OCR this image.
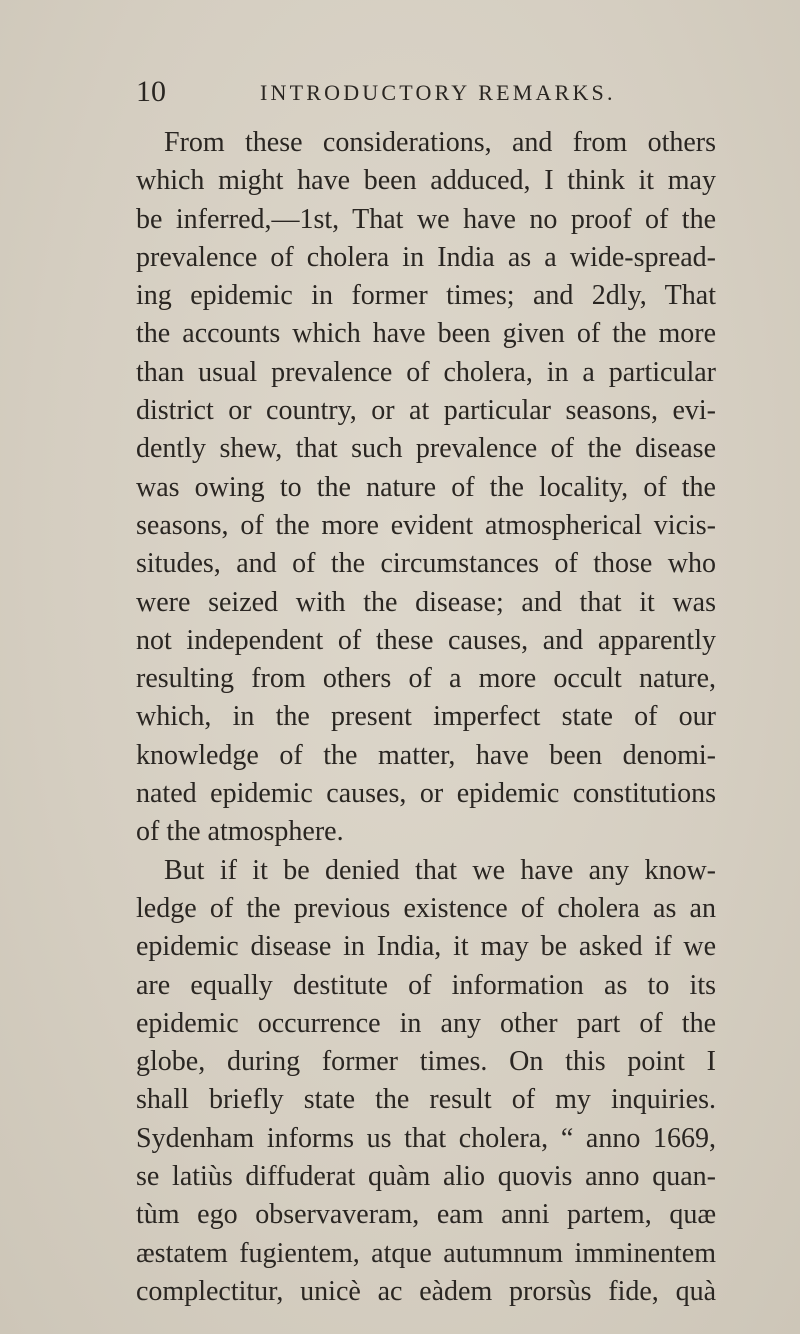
10	INTRODUCTORY REMARKS.
From these considerations, and from others
which might have been adduced, I think it may
be inferred,—1st, That we have no proof of the
prevalence of cholera in India as a wide-spread-
ing epidemic in former times; and 2dly, That
the accounts which have been given of the more
than usual prevalence of cholera, in a particular
district or country, or at particular seasons, evi-
dently shew, that such prevalence of the disease
was owing to the nature of the locality, of the
seasons, of the more evident atmospherical vicis-
situdes, and of the circumstances of those who
were seized with the disease; and that it was
not independent of these causes, and apparently
resulting from others of a more occult nature,
which, in the present imperfect state of our
knowledge of the matter, have been denomi-
nated epidemic causes, or epidemic constitutions
of the atmosphere.
But if it be denied that we have any know-
ledge of the previous existence of cholera as an
epidemic disease in India, it may be asked if we
are equally destitute of information as to its
epidemic occurrence in any other part of the
globe, during former times. On this point I
shall briefly state the result of my inquiries.
Sydenham informs us that cholera, “ anno 1669,
se latiùs diffuderat quàm alio quovis anno quan-
tùm ego observaveram, eam anni partem, quæ
æstatem fugientem, atque autumnum imminentem
complectitur, unicè ac eàdem prorsùs fide, quà
